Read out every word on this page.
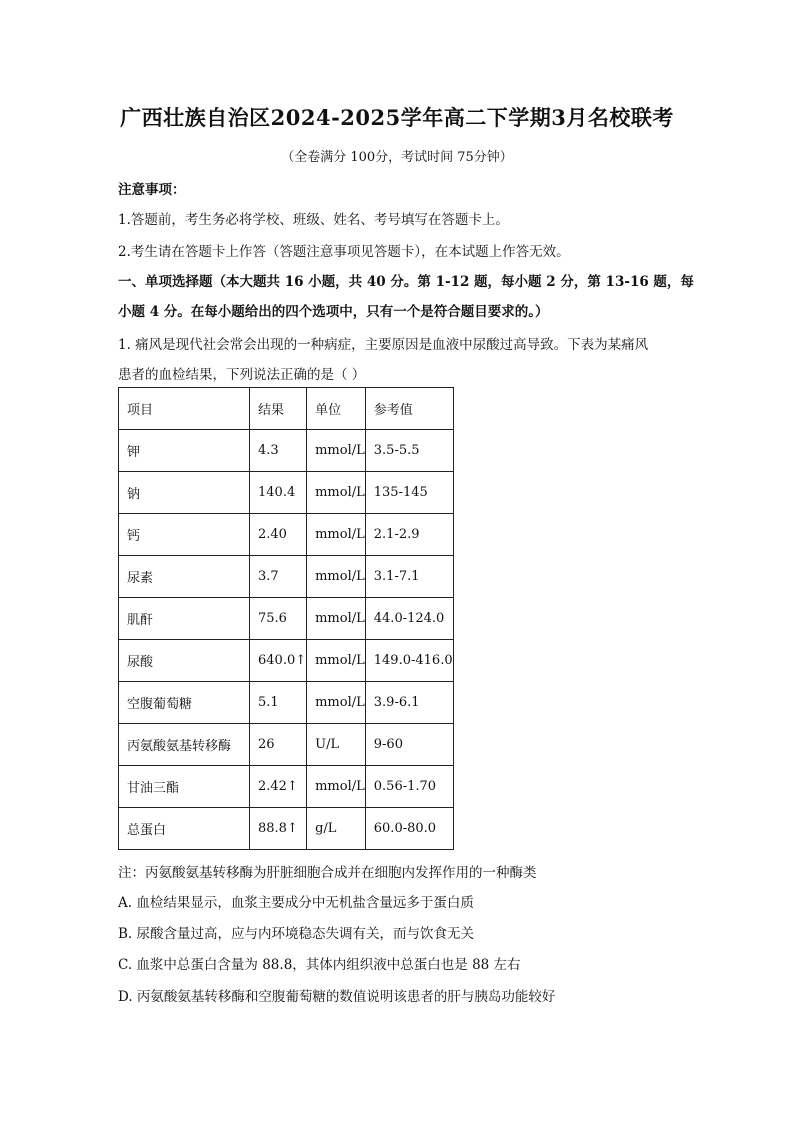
广西壮族自治区2024-2025学年高二下学期3月名校联考
（全卷满分 100分，考试时间 75分钟）
注意事项：
1.答题前，考生务必将学校、班级、姓名、考号填写在答题卡上。
2.考生请在答题卡上作答（答题注意事项见答题卡），在本试题上作答无效。
一、单项选择题（本大题共 16 小题，共 40 分。第 1-12 题，每小题 2 分，第 13-16 题，每
小题 4 分。在每小题给出的四个选项中，只有一个是符合题目要求的。）
1. 痛风是现代社会常会出现的一种病症，主要原因是血液中尿酸过高导致。下表为某痛风
患者的血检结果，下列说法正确的是（ ）
项目	结果	单位	参考值
钾	4.3	mmol/L	3.5-5.5
钠	140.4	mmol/L	135-145
钙	2.40	mmol/L	2.1-2.9
尿素	3.7	mmol/L	3.1-7.1
肌酐	75.6	mmol/L	44.0-124.0
尿酸	640.0↑	mmol/L	149.0-416.0
空腹葡萄糖	5.1	mmol/L	3.9-6.1
丙氨酸氨基转移酶	26	U/L	9-60
甘油三酯	2.42↑	mmol/L	0.56-1.70
总蛋白	88.8↑	g/L	60.0-80.0
注：丙氨酸氨基转移酶为肝脏细胞合成并在细胞内发挥作用的一种酶类
A. 血检结果显示，血浆主要成分中无机盐含量远多于蛋白质
B. 尿酸含量过高，应与内环境稳态失调有关，而与饮食无关
C. 血浆中总蛋白含量为 88.8，其体内组织液中总蛋白也是 88 左右
D. 丙氨酸氨基转移酶和空腹葡萄糖的数值说明该患者的肝与胰岛功能较好
